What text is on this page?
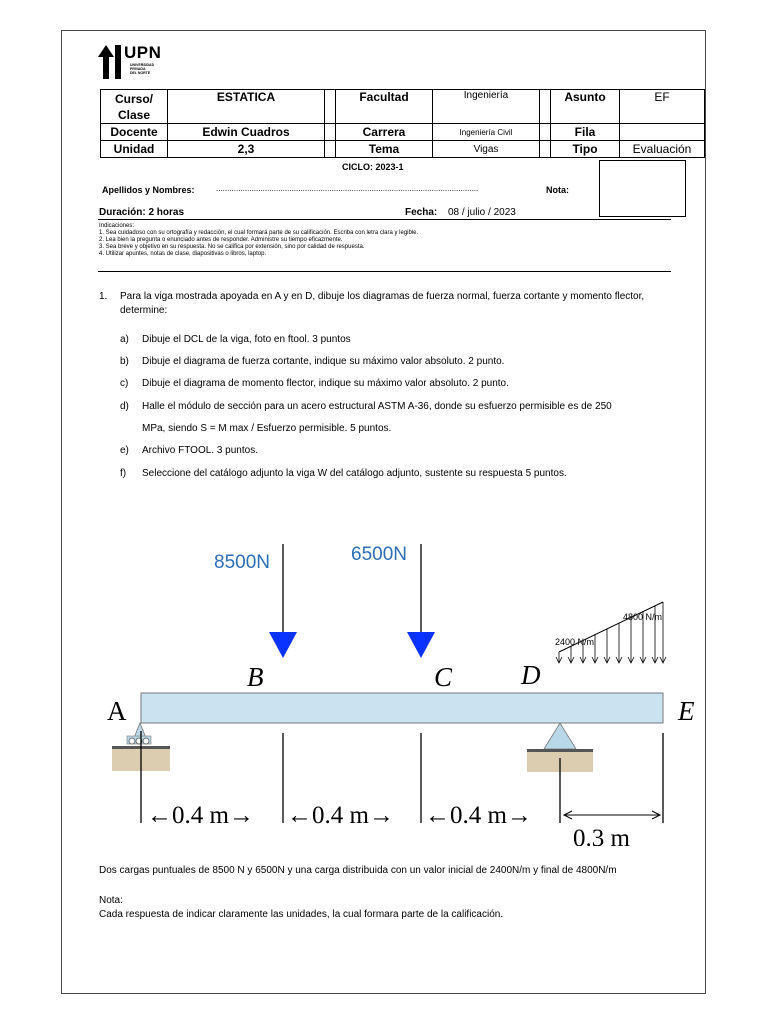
UPN
UNIVERSIDAD
PRIVADA
DEL NORTE
Curso/ Clase	ESTATICA		Facultad	Ingeniería		Asunto	EF
Docente	Edwin Cuadros		Carrera	Ingeniería Civil		Fila	
Unidad	2,3		Tema	Vigas		Tipo	Evaluación
CICLO: 2023-1
Apellidos y Nombres:	......................................................................................................................	Nota:
Duración: 2 horas	Fecha: 08 / julio / 2023
Indicaciones:
1. Sea cuidadoso con su ortografía y redacción, el cual formará parte de su calificación. Escriba con letra clara y legible.
2. Lea bien la pregunta o enunciado antes de responder. Administre su tiempo eficazmente.
3. Sea breve y objetivo en su respuesta. No se califica por extensión, sino por calidad de respuesta.
4. Utilizar apuntes, notas de clase, diapositivas o libros, laptop.
1. Para la viga mostrada apoyada en A y en D, dibuje los diagramas de fuerza normal, fuerza cortante y momento flector, determine:
a) Dibuje el DCL de la viga, foto en ftool. 3 puntos
b) Dibuje el diagrama de fuerza cortante, indique su máximo valor absoluto. 2 punto.
c) Dibuje el diagrama de momento flector, indique su máximo valor absoluto. 2 punto.
d) Halle el módulo de sección para un acero estructural ASTM A-36, donde su esfuerzo permisible es de 250
MPa, siendo S = M max / Esfuerzo permisible. 5 puntos.
e) Archivo FTOOL. 3 puntos.
f) Seleccione del catálogo adjunto la viga W del catálogo adjunto, sustente su respuesta 5 puntos.
8500N	6500N
2400 N/m
4800 N/m
B	C	D
A	E
←0.4 m→ ←0.4 m→ ←0.4 m→
0.3 m
Dos cargas puntuales de 8500 N y 6500N y una carga distribuida con un valor inicial de 2400N/m y final de 4800N/m
Nota:
Cada respuesta de indicar claramente las unidades, la cual formara parte de la calificación.
